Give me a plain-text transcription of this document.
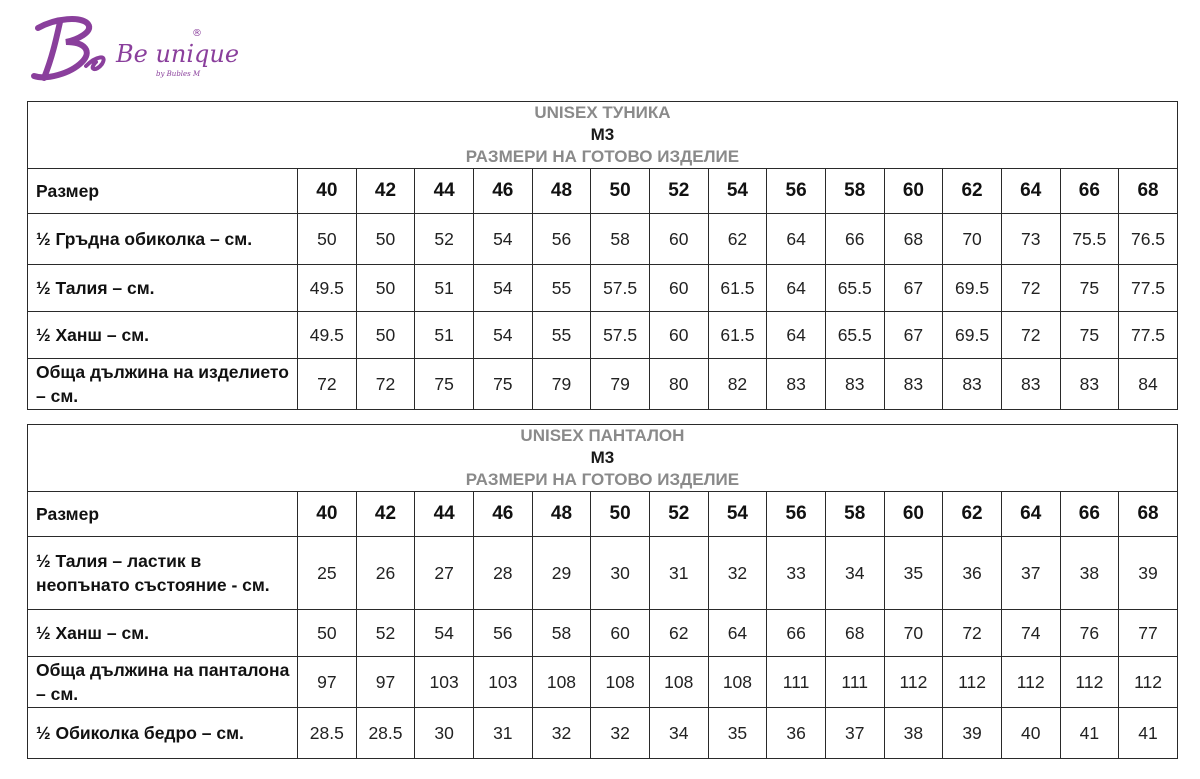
Be unique
by Bubles M
®
UNISEX ТУНИКА
M3
РАЗМЕРИ НА ГОТОВО ИЗДЕЛИЕ															

Размер	40	42	44	46	48	50	52	54	56	58	60	62	64	66	68
½ Гръдна обиколка – см.	50	50	52	54	56	58	60	62	64	66	68	70	73	75.5	76.5
½ Талия – см.	49.5	50	51	54	55	57.5	60	61.5	64	65.5	67	69.5	72	75	77.5
½ Ханш – см.	49.5	50	51	54	55	57.5	60	61.5	64	65.5	67	69.5	72	75	77.5
Обща дължина на изделието – см.	72	72	75	75	79	79	80	82	83	83	83	83	83	83	84
UNISEX ПАНТАЛОН
M3
РАЗМЕРИ НА ГОТОВО ИЗДЕЛИЕ															

Размер	40	42	44	46	48	50	52	54	56	58	60	62	64	66	68
½ Талия – ластик в неопънато състояние - см.	25	26	27	28	29	30	31	32	33	34	35	36	37	38	39
½ Ханш – см.	50	52	54	56	58	60	62	64	66	68	70	72	74	76	77
Обща дължина на панталона – см.	97	97	103	103	108	108	108	108	111	111	112	112	112	112	112
½ Обиколка бедро – см.	28.5	28.5	30	31	32	32	34	35	36	37	38	39	40	41	41
